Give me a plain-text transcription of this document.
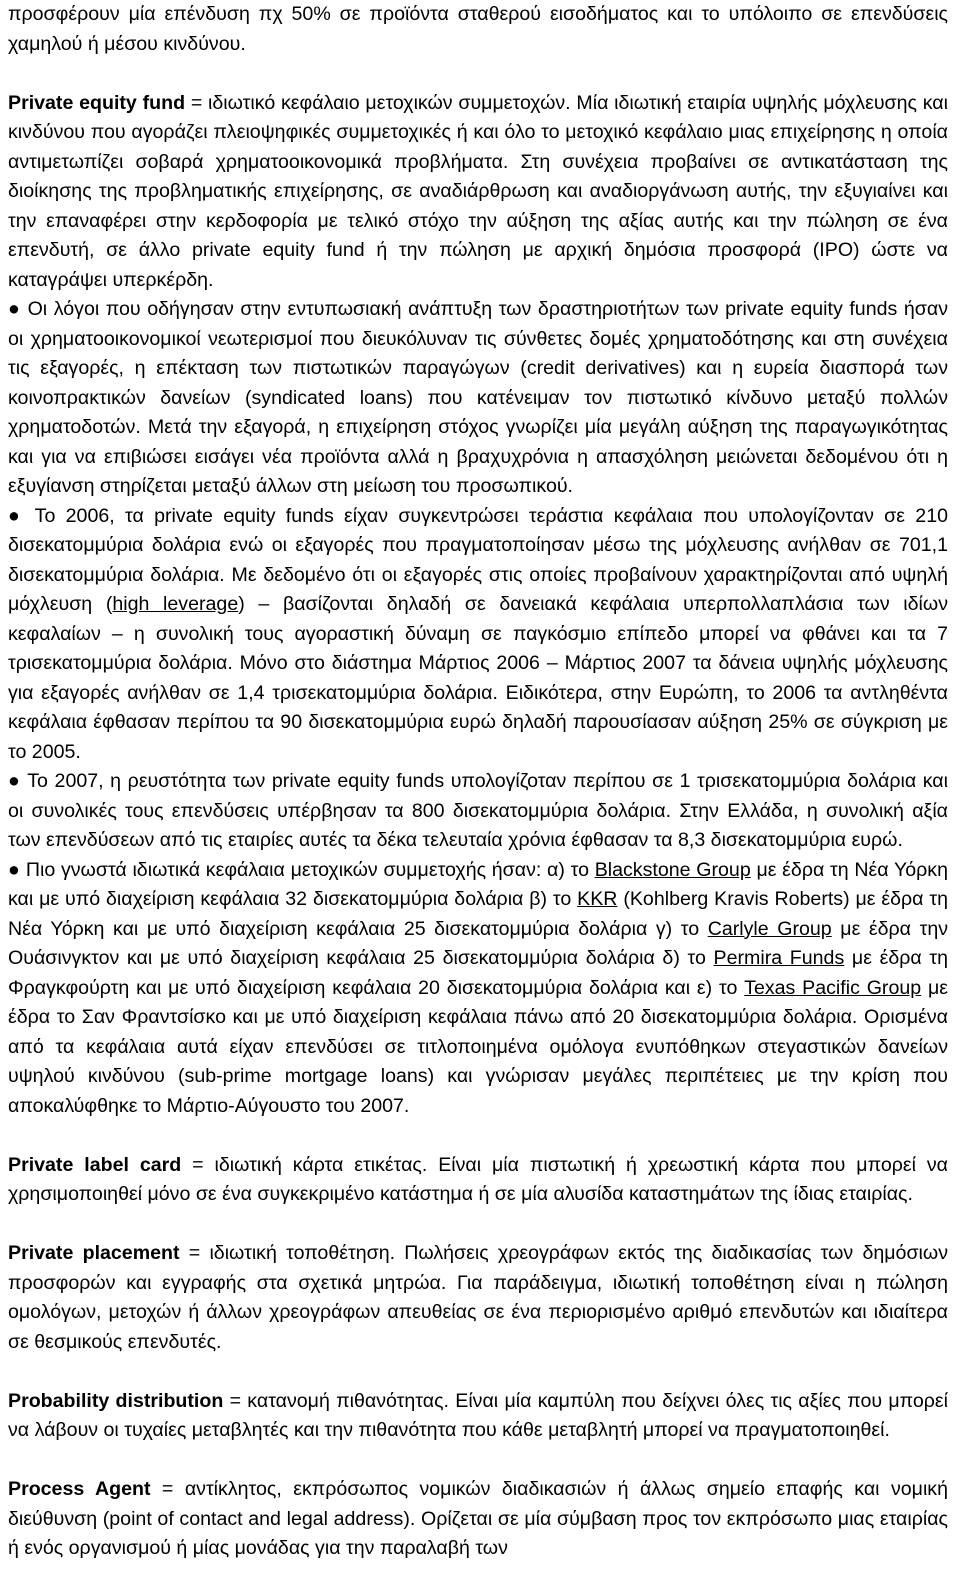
προσφέρουν μία επένδυση πχ 50% σε προϊόντα σταθερού εισοδήματος και το υπόλοιπο σε επενδύσεις χαμηλού ή μέσου κινδύνου.

Private equity fund = ιδιωτικό κεφάλαιο μετοχικών συμμετοχών. Μία ιδιωτική εταιρία υψηλής μόχλευσης και κινδύνου που αγοράζει πλειοψηφικές συμμετοχικές ή και όλο το μετοχικό κεφάλαιο μιας επιχείρησης η οποία αντιμετωπίζει σοβαρά χρηματοοικονομικά προβλήματα. Στη συνέχεια προβαίνει σε αντικατάσταση της διοίκησης της προβληματικής επιχείρησης, σε αναδιάρθρωση και αναδιοργάνωση αυτής, την εξυγιαίνει και την επαναφέρει στην κερδοφορία με τελικό στόχο την αύξηση της αξίας αυτής και την πώληση σε ένα επενδυτή, σε άλλο private equity fund ή την πώληση με αρχική δημόσια προσφορά (IPO) ώστε να καταγράψει υπερκέρδη.

● Οι λόγοι που οδήγησαν στην εντυπωσιακή ανάπτυξη των δραστηριοτήτων των private equity funds ήσαν οι χρηματοοικονομικοί νεωτερισμοί που διευκόλυναν τις σύνθετες δομές χρηματοδότησης και στη συνέχεια τις εξαγορές, η επέκταση των πιστωτικών παραγώγων (credit derivatives) και η ευρεία διασπορά των κοινοπρακτικών δανείων (syndicated loans) που κατένειμαν τον πιστωτικό κίνδυνο μεταξύ πολλών χρηματοδοτών. Μετά την εξαγορά, η επιχείρηση στόχος γνωρίζει μία μεγάλη αύξηση της παραγωγικότητας και για να επιβιώσει εισάγει νέα προϊόντα αλλά η βραχυχρόνια η απασχόληση μειώνεται δεδομένου ότι η εξυγίανση στηρίζεται μεταξύ άλλων στη μείωση του προσωπικού.

● Το 2006, τα private equity funds είχαν συγκεντρώσει τεράστια κεφάλαια που υπολογίζονταν σε 210 δισεκατομμύρια δολάρια ενώ οι εξαγορές που πραγματοποίησαν μέσω της μόχλευσης ανήλθαν σε 701,1 δισεκατομμύρια δολάρια. Με δεδομένο ότι οι εξαγορές στις οποίες προβαίνουν χαρακτηρίζονται από υψηλή μόχλευση (high leverage) – βασίζονται δηλαδή σε δανειακά κεφάλαια υπερπολλαπλάσια των ιδίων κεφαλαίων – η συνολική τους αγοραστική δύναμη σε παγκόσμιο επίπεδο μπορεί να φθάνει και τα 7 τρισεκατομμύρια δολάρια. Μόνο στο διάστημα Μάρτιος 2006 – Μάρτιος 2007 τα δάνεια υψηλής μόχλευσης για εξαγορές ανήλθαν σε 1,4 τρισεκατομμύρια δολάρια. Ειδικότερα, στην Ευρώπη, το 2006 τα αντληθέντα κεφάλαια έφθασαν περίπου τα 90 δισεκατομμύρια ευρώ δηλαδή παρουσίασαν αύξηση 25% σε σύγκριση με το 2005.

● Το 2007, η ρευστότητα των private equity funds υπολογίζοταν περίπου σε 1 τρισεκατομμύρια δολάρια και οι συνολικές τους επενδύσεις υπέρβησαν τα 800 δισεκατομμύρια δολάρια. Στην Ελλάδα, η συνολική αξία των επενδύσεων από τις εταιρίες αυτές τα δέκα τελευταία χρόνια έφθασαν τα 8,3 δισεκατομμύρια ευρώ.

● Πιο γνωστά ιδιωτικά κεφάλαια μετοχικών συμμετοχής ήσαν: α) το Blackstone Group με έδρα τη Νέα Υόρκη και με υπό διαχείριση κεφάλαια 32 δισεκατομμύρια δολάρια β) το KKR (Kohlberg Kravis Roberts) με έδρα τη Νέα Υόρκη και με υπό διαχείριση κεφάλαια 25 δισεκατομμύρια δολάρια γ) το Carlyle Group με έδρα την Ουάσινγκτον και με υπό διαχείριση κεφάλαια 25 δισεκατομμύρια δολάρια δ) το Permira Funds με έδρα τη Φραγκφούρτη και με υπό διαχείριση κεφάλαια 20 δισεκατομμύρια δολάρια και ε) το Texas Pacific Group με έδρα το Σαν Φραντσίσκο και με υπό διαχείριση κεφάλαια πάνω από 20 δισεκατομμύρια δολάρια. Ορισμένα από τα κεφάλαια αυτά είχαν επενδύσει σε τιτλοποιημένα ομόλογα ενυπόθηκων στεγαστικών δανείων υψηλού κινδύνου (sub-prime mortgage loans) και γνώρισαν μεγάλες περιπέτειες με την κρίση που αποκαλύφθηκε το Μάρτιο-Αύγουστο του 2007.

Private label card = ιδιωτική κάρτα ετικέτας. Είναι μία πιστωτική ή χρεωστική κάρτα που μπορεί να χρησιμοποιηθεί μόνο σε ένα συγκεκριμένο κατάστημα ή σε μία αλυσίδα καταστημάτων της ίδιας εταιρίας.

Private placement = ιδιωτική τοποθέτηση. Πωλήσεις χρεογράφων εκτός της διαδικασίας των δημόσιων προσφορών και εγγραφής στα σχετικά μητρώα. Για παράδειγμα, ιδιωτική τοποθέτηση είναι η πώληση ομολόγων, μετοχών ή άλλων χρεογράφων απευθείας σε ένα περιορισμένο αριθμό επενδυτών και ιδιαίτερα σε θεσμικούς επενδυτές.

Probability distribution = κατανομή πιθανότητας. Είναι μία καμπύλη που δείχνει όλες τις αξίες που μπορεί να λάβουν οι τυχαίες μεταβλητές και την πιθανότητα που κάθε μεταβλητή μπορεί να πραγματοποιηθεί.

Process Agent = αντίκλητος, εκπρόσωπος νομικών διαδικασιών ή άλλως σημείο επαφής και νομική διεύθυνση (point of contact and legal address). Ορίζεται σε μία σύμβαση προς τον εκπρόσωπο μιας εταιρίας ή ενός οργανισμού ή μίας μονάδας για την παραλαβή των
